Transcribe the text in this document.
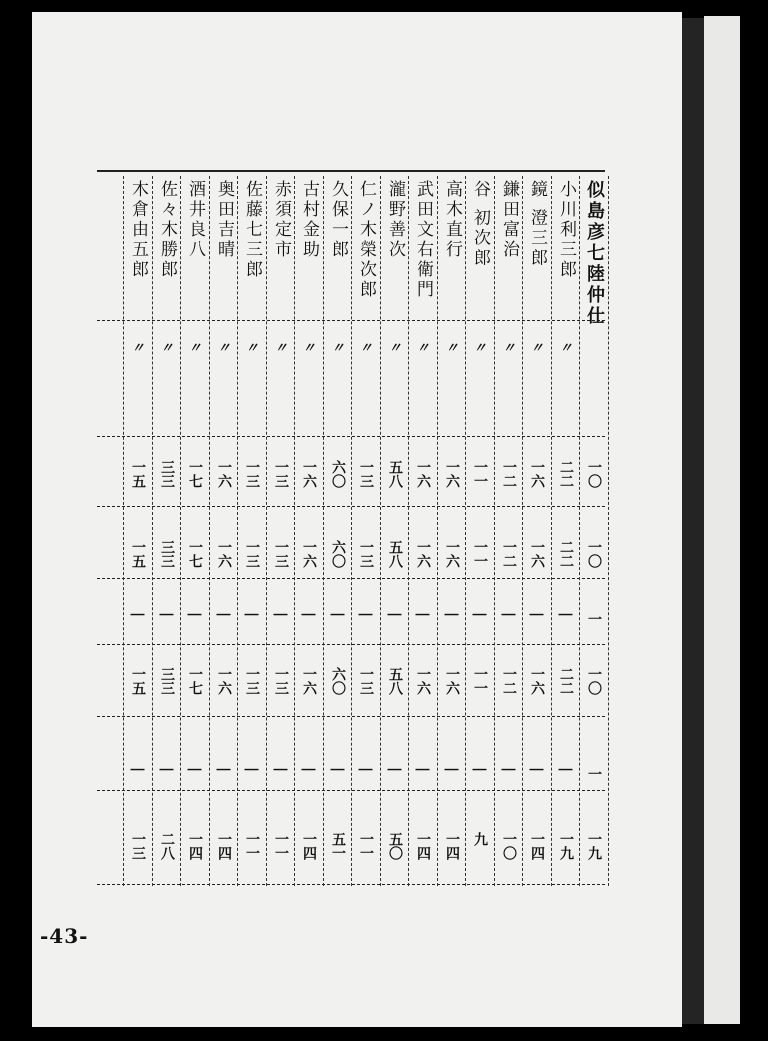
似島彦七陸仲仕
一〇
一〇
一
一〇
一
一九
小川利三郎
〃
二二
二二
|
二二
|
一九
鏡 澄三郎
〃
一六
一六
|
一六
|
一四
鎌田富治
〃
一二
一二
|
一二
|
一〇
谷 初次郎
〃
一一
一一
|
一一
|
九
高木直行
〃
一六
一六
|
一六
|
一四
武田文右衛門
〃
一六
一六
|
一六
|
一四
瀧野善次
〃
五八
五八
|
五八
|
五〇
仁ノ木榮次郎
〃
一三
一三
|
一三
|
一一
久保一郎
〃
六〇
六〇
|
六〇
|
五一
古村金助
〃
一六
一六
|
一六
|
一四
赤須定市
〃
一三
一三
|
一三
|
一一
佐藤七三郎
〃
一三
一三
|
一三
|
一一
奥田吉晴
〃
一六
一六
|
一六
|
一四
酒井良八
〃
一七
一七
|
一七
|
一四
佐々木勝郎
〃
三三
三三
|
三三
|
二八
木倉由五郎
〃
一五
一五
|
一五
|
一三
-43-
